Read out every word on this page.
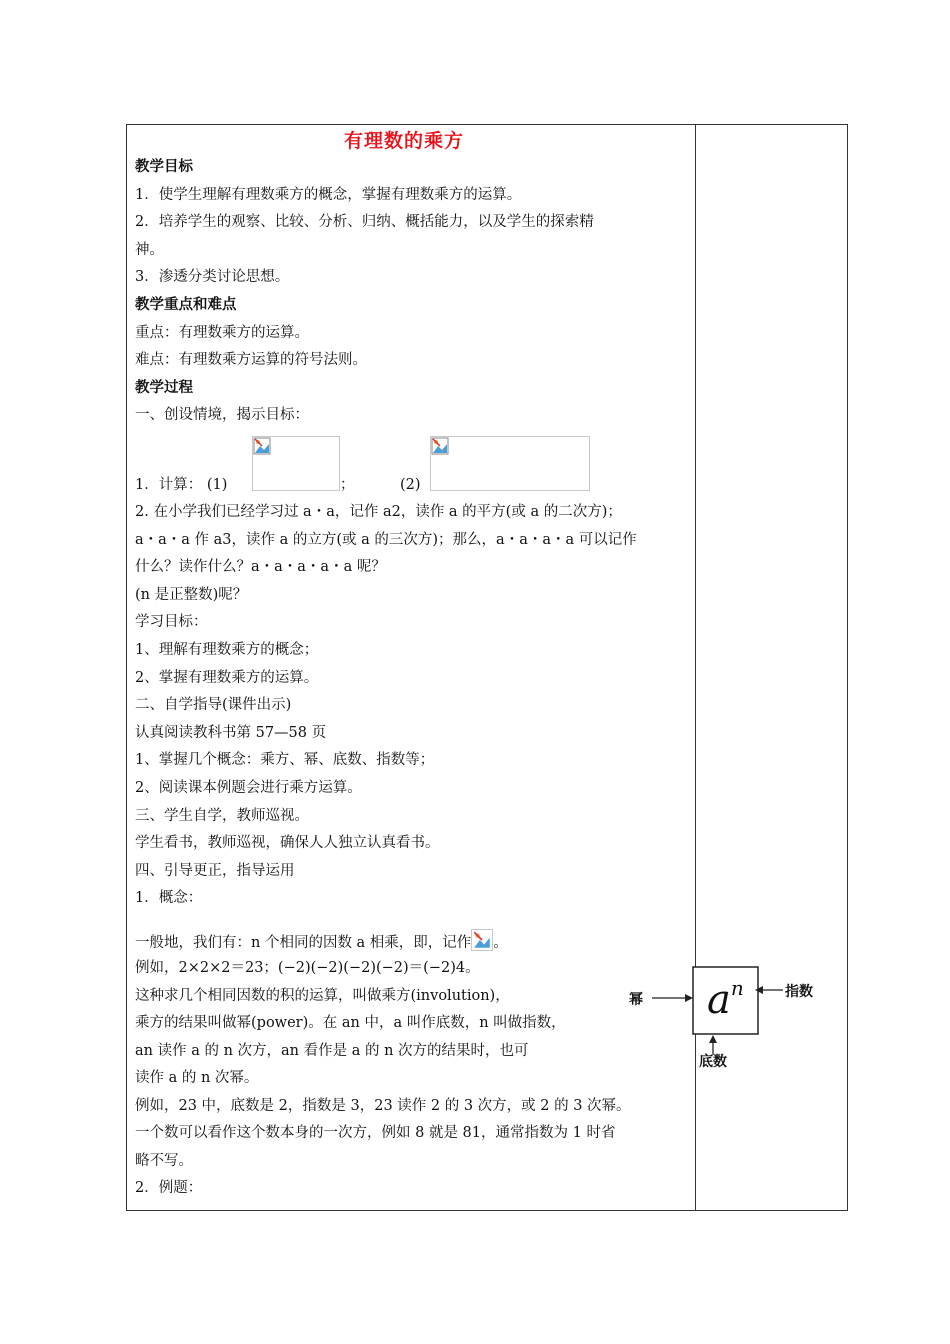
有理数的乘方
教学目标
1．使学生理解有理数乘方的概念，掌握有理数乘方的运算。
2．培养学生的观察、比较、分析、归纳、概括能力，以及学生的探索精
神。
3．渗透分类讨论思想。
教学重点和难点
重点：有理数乘方的运算。
难点：有理数乘方运算的符号法则。
教学过程
一、创设情境，揭示目标：
1．计算： (1)	；	(2)
2. 在小学我们已经学习过 a・a，记作 a2，读作 a 的平方(或 a 的二次方)；
a・a・a 作 a3，读作 a 的立方(或 a 的三次方)；那么，a・a・a・a 可以记作
什么？读作什么？a・a・a・a・a 呢？
(n 是正整数)呢？
学习目标：
1、理解有理数乘方的概念；
2、掌握有理数乘方的运算。
二、自学指导(课件出示)
认真阅读教科书第 57—58 页
1、掌握几个概念：乘方、幂、底数、指数等；
2、阅读课本例题会进行乘方运算。
三、学生自学，教师巡视。
学生看书，教师巡视，确保人人独立认真看书。
四、引导更正，指导运用
1．概念：
一般地，我们有：n 个相同的因数 a 相乘，即，记作 。
例如，2×2×2＝23；(−2)(−2)(−2)(−2)＝(−2)4。
这种求几个相同因数的积的运算，叫做乘方(involution)，
乘方的结果叫做幂(power)。在 an 中，a 叫作底数，n 叫做指数，
an 读作 a 的 n 次方，an 看作是 a 的 n 次方的结果时，也可
读作 a 的 n 次幂。
例如，23 中，底数是 2，指数是 3，23 读作 2 的 3 次方，或 2 的 3 次幂。
一个数可以看作这个数本身的一次方，例如 8 就是 81，通常指数为 1 时省
略不写。
2．例题：
$a^n$
幂	指数
底数
